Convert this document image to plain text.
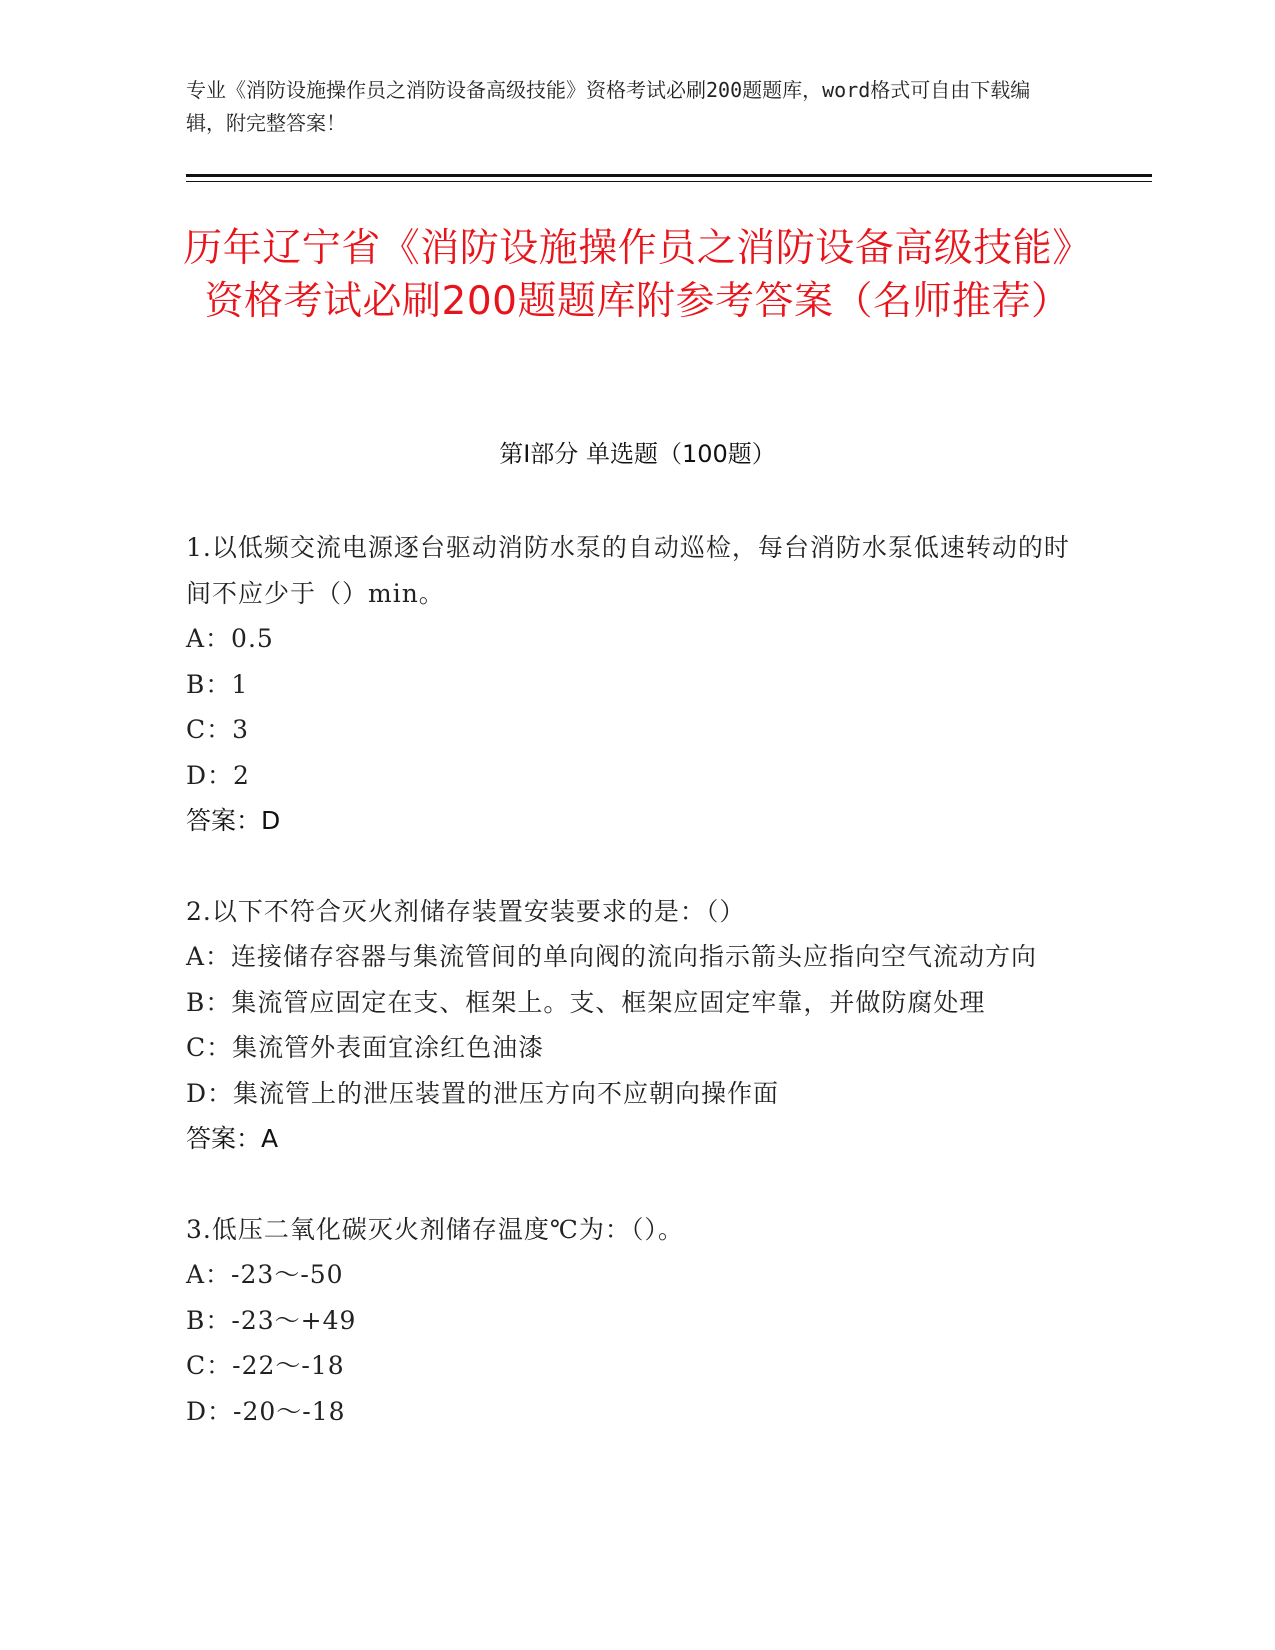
专业《消防设施操作员之消防设备高级技能》资格考试必刷200题题库，word格式可自由下载编辑，附完整答案！
历年辽宁省《消防设施操作员之消防设备高级技能》资格考试必刷200题题库附参考答案（名师推荐）
第Ⅰ部分 单选题（100题）
1.以低频交流电源逐台驱动消防水泵的自动巡检，每台消防水泵低速转动的时间不应少于（）min。
A：0.5
B：1
C：3
D：2
答案：D
2.以下不符合灭火剂储存装置安装要求的是：（）
A：连接储存容器与集流管间的单向阀的流向指示箭头应指向空气流动方向
B：集流管应固定在支、框架上。支、框架应固定牢靠，并做防腐处理
C：集流管外表面宜涂红色油漆
D：集流管上的泄压装置的泄压方向不应朝向操作面
答案：A
3.低压二氧化碳灭火剂储存温度℃为：（）。
A：-23～-50
B：-23～+49
C：-22～-18
D：-20～-18
